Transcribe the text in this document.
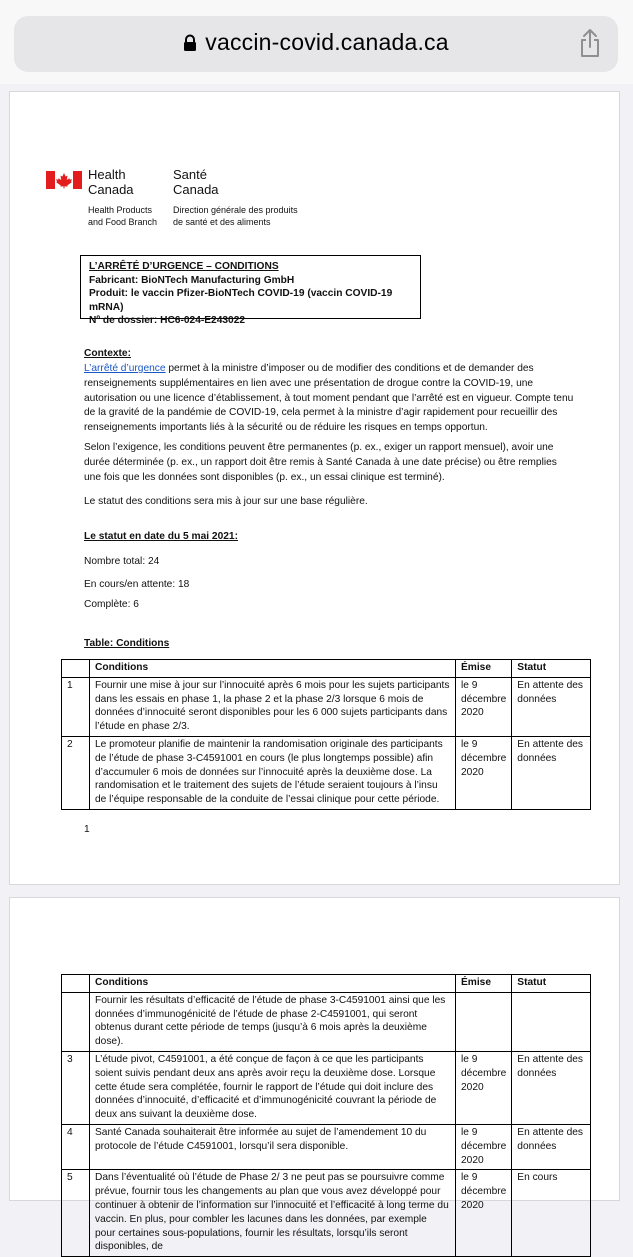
vaccin-covid.canada.ca
Health
Canada
Santé
Canada
Health Products
and Food Branch
Direction générale des produits
de santé et des aliments
L’ARRÊTÉ D’URGENCE – CONDITIONS
Fabricant: BioNTech Manufacturing GmbH
Produit: le vaccin Pfizer-BioNTech COVID-19 (vaccin COVID-19 mRNA)
Nº de dossier: HC6-024-E243022
Contexte:
L’arrêté d’urgence permet à la ministre d’imposer ou de modifier des conditions et de demander des renseignements supplémentaires en lien avec une présentation de drogue contre la COVID-19, une autorisation ou une licence d’établissement, à tout moment pendant que l’arrêté est en vigueur. Compte tenu de la gravité de la pandémie de COVID-19, cela permet à la ministre d’agir rapidement pour recueillir des renseignements importants liés à la sécurité ou de réduire les risques en temps opportun.
Selon l’exigence, les conditions peuvent être permanentes (p. ex., exiger un rapport mensuel), avoir une durée déterminée (p. ex., un rapport doit être remis à Santé Canada à une date précise) ou être remplies une fois que les données sont disponibles (p. ex., un essai clinique est terminé).
Le statut des conditions sera mis à jour sur une base régulière.
Le statut en date du 5 mai 2021:
Nombre total: 24
En cours/en attente: 18
Complète: 6
Table: Conditions
	Conditions	Émise	Statut
1	Fournir une mise à jour sur l’innocuité après 6 mois pour les sujets participants dans les essais en phase 1, la phase 2 et la phase 2/3 lorsque 6 mois de données d’innocuité seront disponibles pour les 6 000 sujets participants dans l’étude en phase 2/3.	le 9 décembre 2020	En attente des données
2	Le promoteur planifie de maintenir la randomisation originale des participants de l’étude de phase 3-C4591001 en cours (le plus longtemps possible) afin d’accumuler 6 mois de données sur l’innocuité après la deuxième dose. La randomisation et le traitement des sujets de l’étude seraient toujours à l’insu de l’équipe responsable de la conduite de l’essai clinique pour cette période.	le 9 décembre 2020	En attente des données
1
	Conditions	Émise	Statut
	Fournir les résultats d’efficacité de l’étude de phase 3-C4591001 ainsi que les données d’immunogénicité de l’étude de phase 2-C4591001, qui seront obtenus durant cette période de temps (jusqu’à 6 mois après la deuxième dose).		
3	L’étude pivot, C4591001, a été conçue de façon à ce que les participants soient suivis pendant deux ans après avoir reçu la deuxième dose. Lorsque cette étude sera complétée, fournir le rapport de l’étude qui doit inclure des données d’innocuité, d’efficacité et d’immunogénicité couvrant la période de deux ans suivant la deuxième dose.	le 9 décembre 2020	En attente des données
4	Santé Canada souhaiterait être informée au sujet de l’amendement 10 du protocole de l’étude C4591001, lorsqu’il sera disponible.	le 9 décembre 2020	En attente des données
5	Dans l’éventualité où l’étude de Phase 2/ 3 ne peut pas se poursuivre comme prévue, fournir tous les changements au plan que vous avez développé pour continuer à obtenir de l’information sur l’innocuité et l’efficacité à long terme du vaccin. En plus, pour combler les lacunes dans les données, par exemple pour certaines sous-populations, fournir les résultats, lorsqu’ils seront disponibles, de	le 9 décembre 2020	En cours
